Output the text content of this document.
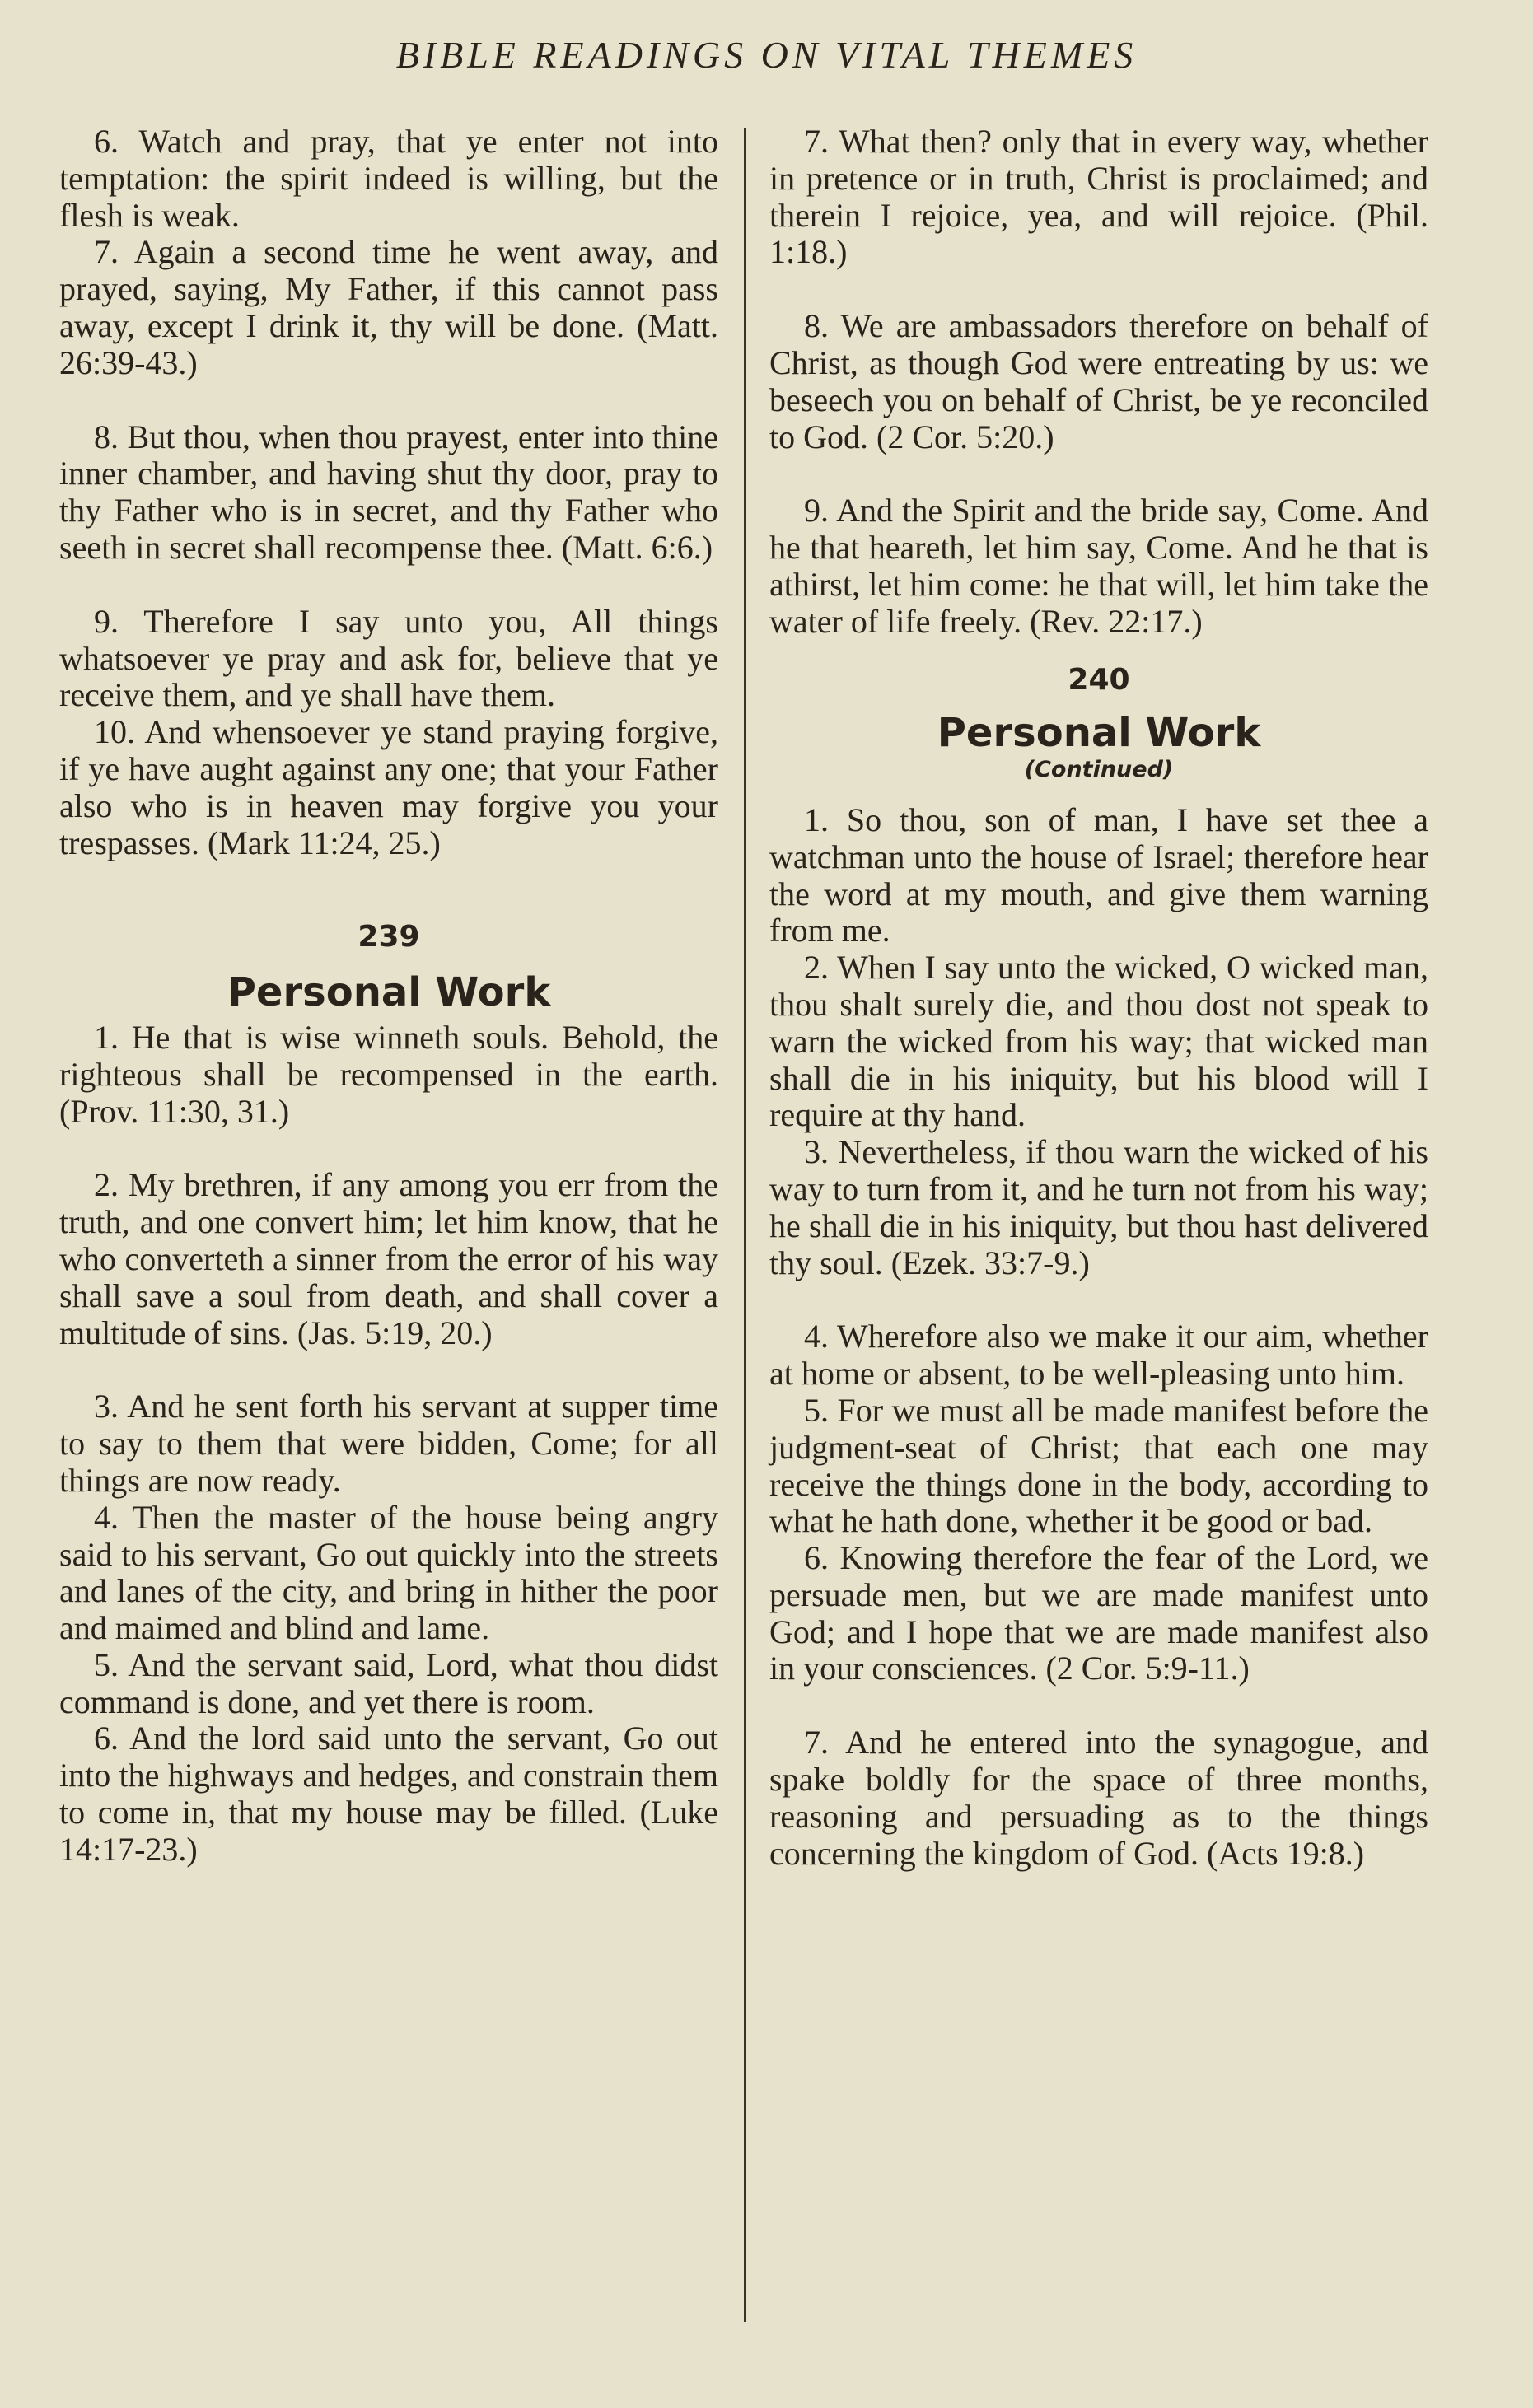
BIBLE READINGS ON VITAL THEMES

6. Watch and pray, that ye enter not into temptation: the spirit indeed is willing, but the flesh is weak.

7. Again a second time he went away, and prayed, saying, My Father, if this cannot pass away, except I drink it, thy will be done. (Matt. 26:39-43.)

8. But thou, when thou prayest, enter into thine inner chamber, and having shut thy door, pray to thy Father who is in secret, and thy Father who seeth in secret shall recompense thee. (Matt. 6:6.)

9. Therefore I say unto you, All things whatsoever ye pray and ask for, believe that ye receive them, and ye shall have them.

10. And whensoever ye stand praying forgive, if ye have aught against any one; that your Father also who is in heaven may forgive you your trespasses. (Mark 11:24, 25.)

239

Personal Work

1. He that is wise winneth souls. Behold, the righteous shall be recompensed in the earth. (Prov. 11:30, 31.)

2. My brethren, if any among you err from the truth, and one convert him; let him know, that he who converteth a sinner from the error of his way shall save a soul from death, and shall cover a multitude of sins. (Jas. 5:19, 20.)

3. And he sent forth his servant at supper time to say to them that were bidden, Come; for all things are now ready.

4. Then the master of the house being angry said to his servant, Go out quickly into the streets and lanes of the city, and bring in hither the poor and maimed and blind and lame.

5. And the servant said, Lord, what thou didst command is done, and yet there is room.

6. And the lord said unto the servant, Go out into the highways and hedges, and constrain them to come in, that my house may be filled. (Luke 14:17-23.)

7. What then? only that in every way, whether in pretence or in truth, Christ is proclaimed; and therein I rejoice, yea, and will rejoice. (Phil. 1:18.)

8. We are ambassadors therefore on behalf of Christ, as though God were entreating by us: we beseech you on behalf of Christ, be ye reconciled to God. (2 Cor. 5:20.)

9. And the Spirit and the bride say, Come. And he that heareth, let him say, Come. And he that is athirst, let him come: he that will, let him take the water of life freely. (Rev. 22:17.)

240

Personal Work

(Continued)

1. So thou, son of man, I have set thee a watchman unto the house of Israel; therefore hear the word at my mouth, and give them warning from me.

2. When I say unto the wicked, O wicked man, thou shalt surely die, and thou dost not speak to warn the wicked from his way; that wicked man shall die in his iniquity, but his blood will I require at thy hand.

3. Nevertheless, if thou warn the wicked of his way to turn from it, and he turn not from his way; he shall die in his iniquity, but thou hast delivered thy soul. (Ezek. 33:7-9.)

4. Wherefore also we make it our aim, whether at home or absent, to be well-pleasing unto him.

5. For we must all be made manifest before the judgment-seat of Christ; that each one may receive the things done in the body, according to what he hath done, whether it be good or bad.

6. Knowing therefore the fear of the Lord, we persuade men, but we are made manifest unto God; and I hope that we are made manifest also in your consciences. (2 Cor. 5:9-11.)

7. And he entered into the synagogue, and spake boldly for the space of three months, reasoning and persuading as to the things concerning the kingdom of God. (Acts 19:8.)
